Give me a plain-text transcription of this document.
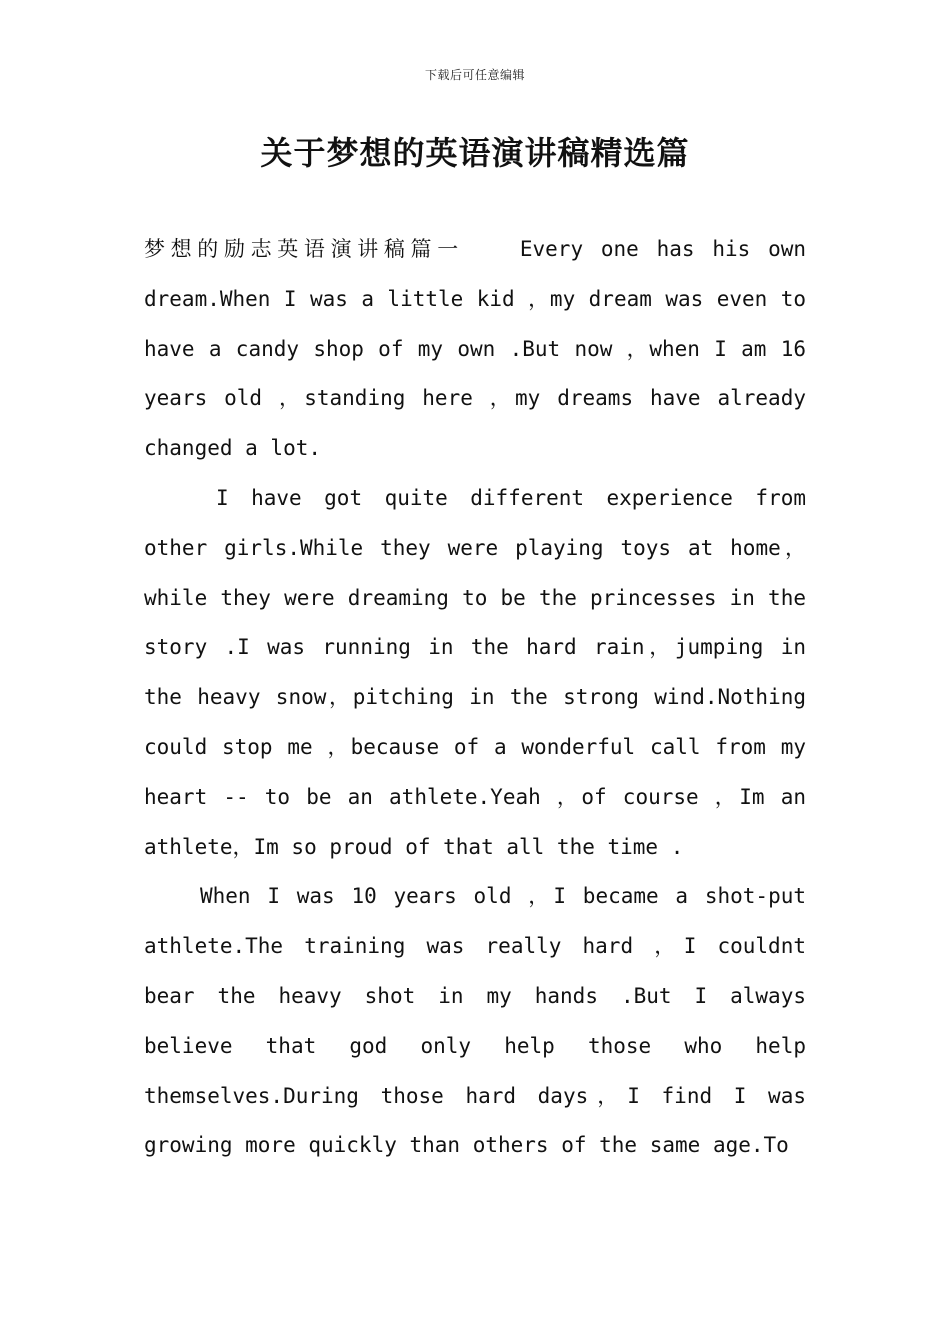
下载后可任意编辑
关于梦想的英语演讲稿精选篇

梦想的励志英语演讲稿篇一	Every one has his own dream.When I was a little kid ，my dream was even to have a candy shop of my own .But now ，when I am 16 years old ，standing here ，my dreams have already changed a lot.

I have got quite different experience from other girls.While they were playing toys at home，while they were dreaming to be the princesses in the story .I was running in the hard rain，jumping in the heavy snow，pitching in the strong wind.Nothing could stop me ，because of a wonderful call from my heart -- to be an athlete.Yeah ，of course ，Im an athlete，Im so proud of that all the time .

When I was 10 years old ，I became a shot-put athlete.The training was really hard ，I couldnt bear the heavy shot in my hands .But I always believe that god only help those who help themselves.During those hard days，I find I was growing more quickly than others of the same age.To
